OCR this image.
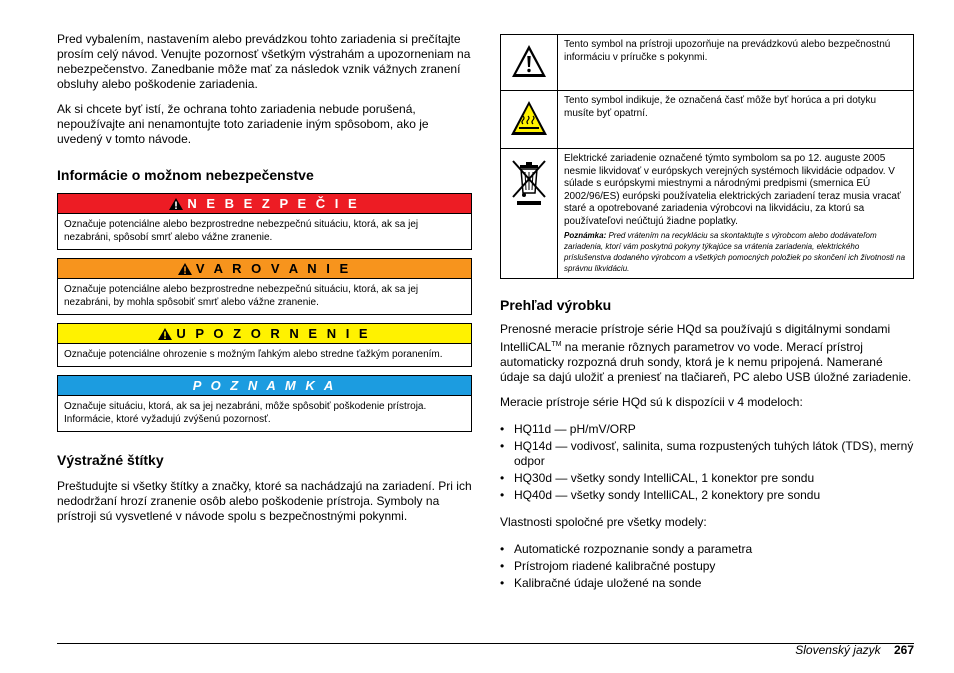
Pred vybalením, nastavením alebo prevádzkou tohto zariadenia si prečítajte prosím celý návod. Venujte pozornosť všetkým výstrahám a upozorneniam na nebezpečenstvo. Zanedbanie môže mať za následok vznik vážnych zranení obsluhy alebo poškodenie zariadenia.

Ak si chcete byť istí, že ochrana tohto zariadenia nebude porušená, nepoužívajte ani nenamontujte toto zariadenie iným spôsobom, ako je uvedený v tomto návode.

Informácie o možnom nebezpečenstve
N E B E Z P E Č I E
Označuje potenciálne alebo bezprostredne nebezpečnú situáciu, ktorá, ak sa jej nezabráni, spôsobí smrť alebo vážne zranenie.
V A R O V A N I E
Označuje potenciálne alebo bezprostredne nebezpečnú situáciu, ktorá, ak sa jej nezabráni, by mohla spôsobiť smrť alebo vážne zranenie.
U P O Z O R N E N I E
Označuje potenciálne ohrozenie s možným ľahkým alebo stredne ťažkým poranením.
P O Z N A M K A
Označuje situáciu, ktorá, ak sa jej nezabráni, môže spôsobiť poškodenie prístroja. Informácie, ktoré vyžadujú zvýšenú pozornosť.
Výstražné štítky

Preštudujte si všetky štítky a značky, ktoré sa nachádzajú na zariadení. Pri ich nedodržaní hrozí zranenie osôb alebo poškodenie prístroja. Symboly na prístroji sú vysvetlené v návode spolu s bezpečnostnými pokynmi.

	Tento symbol na prístroji upozorňuje na prevádzkovú alebo bezpečnostnú informáciu v príručke s pokynmi.
	Tento symbol indikuje, že označená časť môže byť horúca a pri dotyku musíte byť opatrní.

Elektrické zariadenie označené týmto symbolom sa po 12. auguste 2005 nesmie likvidovať v európskych verejných systémoch likvidácie odpadov. V súlade s európskymi miestnymi a národnými predpismi (smernica EÚ 2002/96/ES) európski používatelia elektrických zariadení teraz musia vracať staré a opotrebované zariadenia výrobcovi na likvidáciu, za ktorú sa používateľovi neúčtujú žiadne poplatky.
Poznámka: Pred vrátením na recykláciu sa skontaktujte s výrobcom alebo dodávateľom zariadenia, ktorí vám poskytnú pokyny týkajúce sa vrátenia zariadenia, elektrického príslušenstva dodaného výrobcom a všetkých pomocných položiek po skončení ich životnosti na správnu likvidáciu.
Prehľad výrobku

Prenosné meracie prístroje série HQd sa používajú s digitálnymi sondami IntelliCAL™ na meranie rôznych parametrov vo vode. Merací prístroj automaticky rozpozná druh sondy, ktorá je k nemu pripojená. Namerané údaje sa dajú uložiť a preniesť na tlačiareň, PC alebo USB úložné zariadenie.

Meracie prístroje série HQd sú k dispozícii v 4 modeloch:

• HQ11d — pH/mV/ORP
• HQ14d — vodivosť, salinita, suma rozpustených tuhých látok (TDS), merný odpor
• HQ30d — všetky sondy IntelliCAL, 1 konektor pre sondu
• HQ40d — všetky sondy IntelliCAL, 2 konektory pre sondu

Vlastnosti spoločné pre všetky modely:

• Automatické rozpoznanie sondy a parametra
• Prístrojom riadené kalibračné postupy
• Kalibračné údaje uložené na sonde
Slovenský jazyk 267
